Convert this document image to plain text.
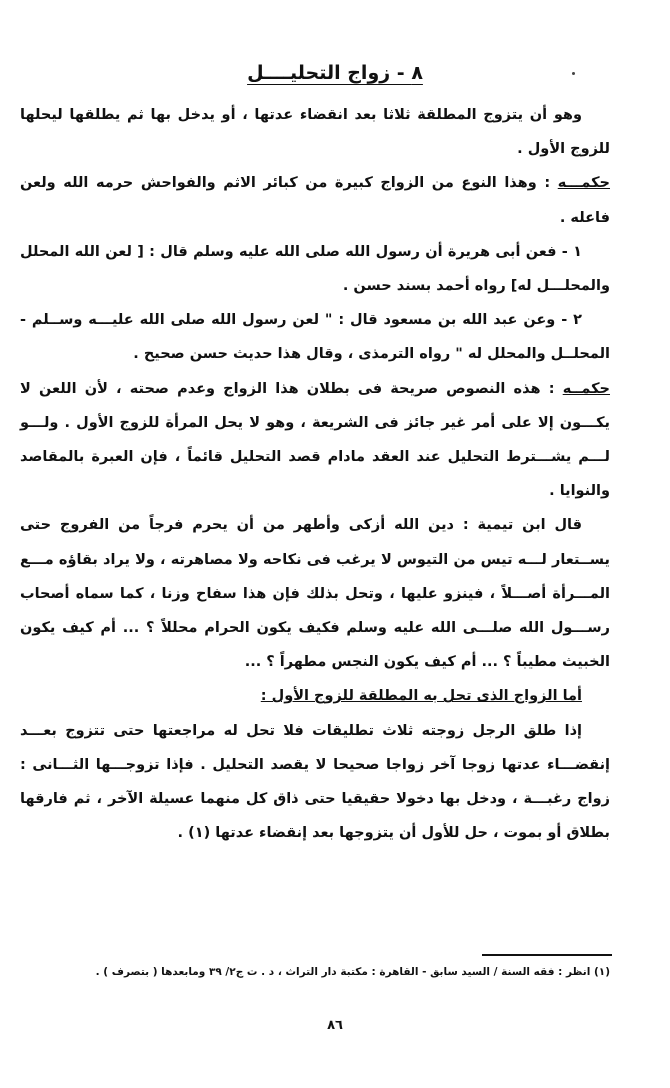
٨ - زواج التحليــــل

وهو أن يتزوج المطلقة ثلاثا بعد انقضاء عدتها ، أو يدخل بها ثم يطلقها ليحلها للزوج الأول .

حكمـــه : وهذا النوع من الزواج كبيرة من كبائر الاثم والفواحش حرمه الله ولعن فاعله .

١ - فعن أبى هريرة أن رسول الله صلى الله عليه وسلم قال : [ لعن الله المحلل والمحلـــل له] رواه أحمد بسند حسن .

٢ - وعن عبد الله بن مسعود قال : " لعن رسول الله صلى الله عليـــه وســلم - المحلــل والمحلل له " رواه الترمذى ، وقال هذا حديث حسن صحيح .

حكمــه : هذه النصوص صريحة فى بطلان هذا الزواج وعدم صحته ، لأن اللعن لا يكـــون إلا على أمر غير جائز فى الشريعة ، وهو لا يحل المرأة للزوج الأول . ولـــو لـــم يشـــترط التحليل عند العقد مادام قصد التحليل قائماً ، فإن العبرة بالمقاصد والنوايا .

قال ابن تيمية : دين الله أزكى وأطهر من أن يحرم فرجاً من الفروج حتى يســتعار لـــه تيس من التيوس لا يرغب فى نكاحه ولا مصاهرته ، ولا يراد بقاؤه مـــع المـــرأة أصـــلاً ، فينزو عليها ، وتحل بذلك فإن هذا سفاح وزنا ، كما سماه أصحاب رســـول الله صلـــى الله عليه وسلم فكيف يكون الحرام محللاً ؟ ... أم كيف يكون الخبيث مطيباً ؟ ... أم كيف يكون النجس مطهراً ؟ ...

أما الزواج الذى تحل به المطلقة للزوج الأول :

إذا طلق الرجل زوجته ثلاث تطليقات فلا تحل له مراجعتها حتى تتزوج بعـــد إنقضـــاء عدتها زوجا آخر زواجا صحيحا لا يقصد التحليل . فإذا تزوجـــها الثـــانى : زواج رغبـــة ، ودخل بها دخولا حقيقيا حتى ذاق كل منهما عسيلة الآخر ، ثم فارقها بطلاق أو بموت ، حل للأول أن يتزوجها بعد إنقضاء عدتها (١) .

(١) انظر : فقه السنة / السيد سابق - القاهرة : مكتبة دار التراث ، د . ت ج٢/ ٣٩ ومابعدها ( بتصرف ) .
٨٦
